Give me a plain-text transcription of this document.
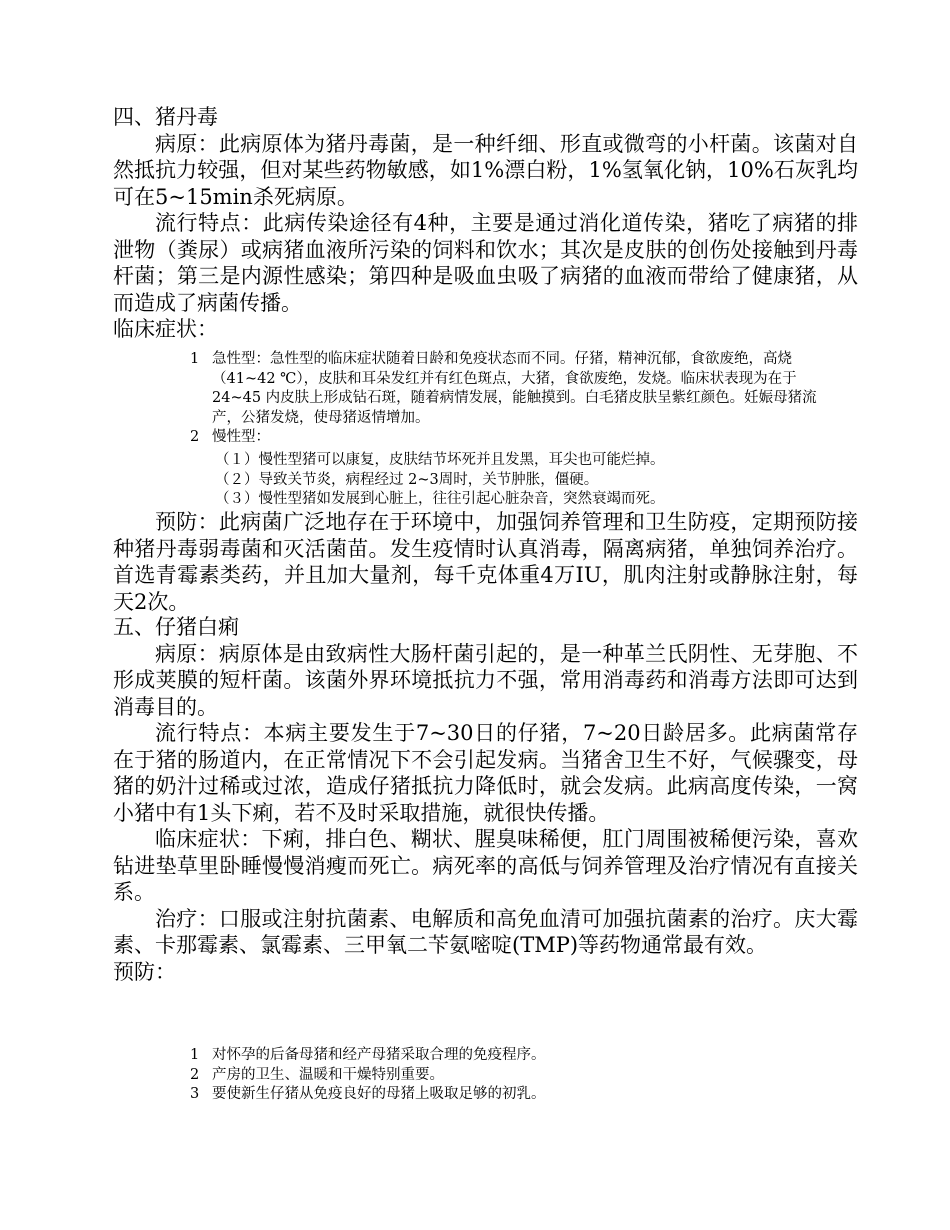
四、猪丹毒

病原：此病原体为猪丹毒菌，是一种纤细、形直或微弯的小杆菌。该菌对自然抵抗力较强，但对某些药物敏感，如1%漂白粉，1%氢氧化钠，10%石灰乳均可在5~15min杀死病原。

流行特点：此病传染途径有4种，主要是通过消化道传染，猪吃了病猪的排泄物（粪尿）或病猪血液所污染的饲料和饮水；其次是皮肤的创伤处接触到丹毒杆菌；第三是内源性感染；第四种是吸血虫吸了病猪的血液而带给了健康猪，从而造成了病菌传播。

临床症状：

1 急性型：急性型的临床症状随着日龄和免疫状态而不同。仔猪，精神沉郁，食欲废绝，高烧（41~42 ℃），皮肤和耳朵发红并有红色斑点，大猪，食欲废绝，发烧。临床状表现为在于24~45 内皮肤上形成钻石斑，随着病情发展，能触摸到。白毛猪皮肤呈紫红颜色。妊娠母猪流产，公猪发烧，使母猪返情增加。
2 慢性型：
（１）慢性型猪可以康复，皮肤结节坏死并且发黑，耳尖也可能烂掉。
（２）导致关节炎，病程经过 2~3周时，关节肿胀，僵硬。
（３）慢性型猪如发展到心脏上，往往引起心脏杂音，突然衰竭而死。

预防：此病菌广泛地存在于环境中，加强饲养管理和卫生防疫，定期预防接种猪丹毒弱毒菌和灭活菌苗。发生疫情时认真消毒，隔离病猪，单独饲养治疗。首选青霉素类药，并且加大量剂，每千克体重4万IU，肌肉注射或静脉注射，每天2次。

五、仔猪白痢

病原：病原体是由致病性大肠杆菌引起的，是一种革兰氏阴性、无芽胞、不形成荚膜的短杆菌。该菌外界环境抵抗力不强，常用消毒药和消毒方法即可达到消毒目的。

流行特点：本病主要发生于7~30日的仔猪，7~20日龄居多。此病菌常存在于猪的肠道内，在正常情况下不会引起发病。当猪舍卫生不好，气候骤变，母猪的奶汁过稀或过浓，造成仔猪抵抗力降低时，就会发病。此病高度传染，一窝小猪中有1头下痢，若不及时采取措施，就很快传播。

临床症状：下痢，排白色、糊状、腥臭味稀便，肛门周围被稀便污染，喜欢钻进垫草里卧睡慢慢消瘦而死亡。病死率的高低与饲养管理及治疗情况有直接关系。

治疗：口服或注射抗菌素、电解质和高免血清可加强抗菌素的治疗。庆大霉素、卡那霉素、氯霉素、三甲氧二苄氨嘧啶(TMP)等药物通常最有效。

预防：

1 对怀孕的后备母猪和经产母猪采取合理的免疫程序。
2 产房的卫生、温暖和干燥特别重要。
3 要使新生仔猪从免疫良好的母猪上吸取足够的初乳。
